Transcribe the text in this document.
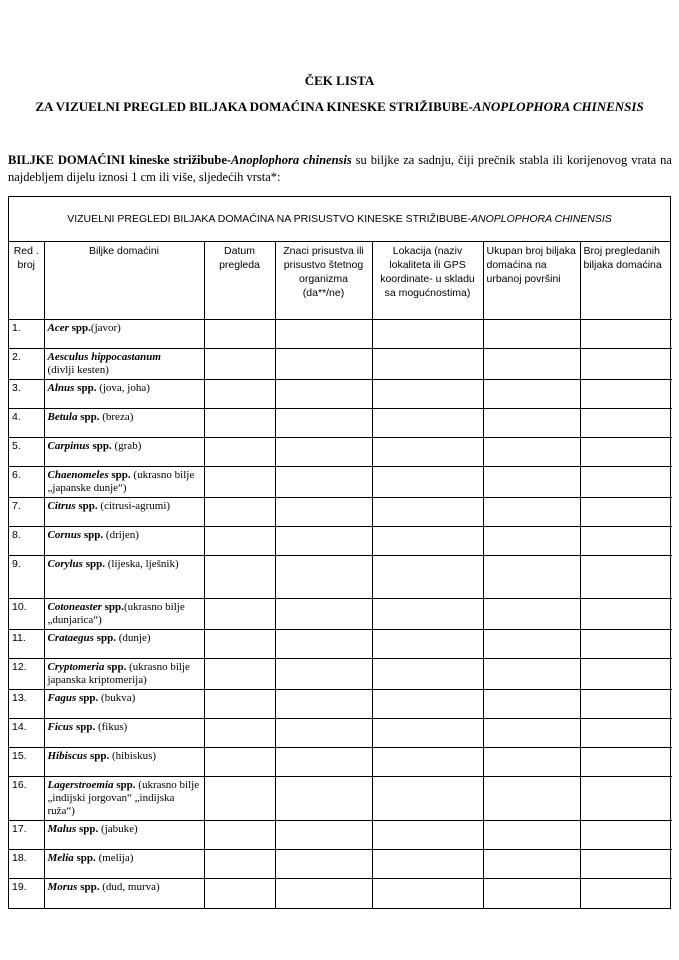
ČEK LISTA
ZA VIZUELNI PREGLED BILJAKA DOMAĆINA KINESKE STRIŽIBUBE-ANOPLOPHORA CHINENSIS
BILJKE DOMAĆINI kineske strižibube-Anoplophora chinensis su biljke za sadnju, čiji prečnik stabla ili korijenovog vrata na najdebljem dijelu iznosi 1 cm ili više, sljedećih vrsta*:
VIZUELNI PREGLEDI BILJAKA DOMAĆINA NA PRISUSTVO KINESKE STRIŽIBUBE- ANOPLOPHORA CHINENSIS
Red . broj	Biljke domaćini	Datum pregleda	Znaci prisustva ili prisustvo štetnog organizma (da**/ne)	Lokacija (naziv lokaliteta ili GPS koordinate- u skladu sa mogućnostima)	Ukupan broj biljaka domaćina na urbanoj površini	Broj pregledanih biljaka domaćina
1.	Acer spp.(javor)					
2.	Aesculus hippocastanum
(divlji kesten)					
3.	Alnus spp. (jova, joha)					
4.	Betula spp. (breza)					
5.	Carpinus spp. (grab)					
6.	Chaenomeles spp. (ukrasno bilje „japanske dunje“)					
7.	Citrus spp. (citrusi-agrumi)					
8.	Cornus spp. (drijen)					
9.	Corylus spp. (lijeska, lješnik)					
10.	Cotoneaster spp.(ukrasno bilje „dunjarica“)					
11.	Crataegus spp. (dunje)					
12.	Cryptomeria spp. (ukrasno bilje japanska kriptomerija)					
13.	Fagus spp. (bukva)					
14.	Ficus spp. (fikus)					
15.	Hibiscus spp. (hibiskus)					
16.	Lagerstroemia spp. (ukrasno bilje „indijski jorgovan“ „indijska ruža“)					
17.	Malus spp. (jabuke)					
18.	Melia spp. (melija)					
19.	Morus spp. (dud, murva)					
